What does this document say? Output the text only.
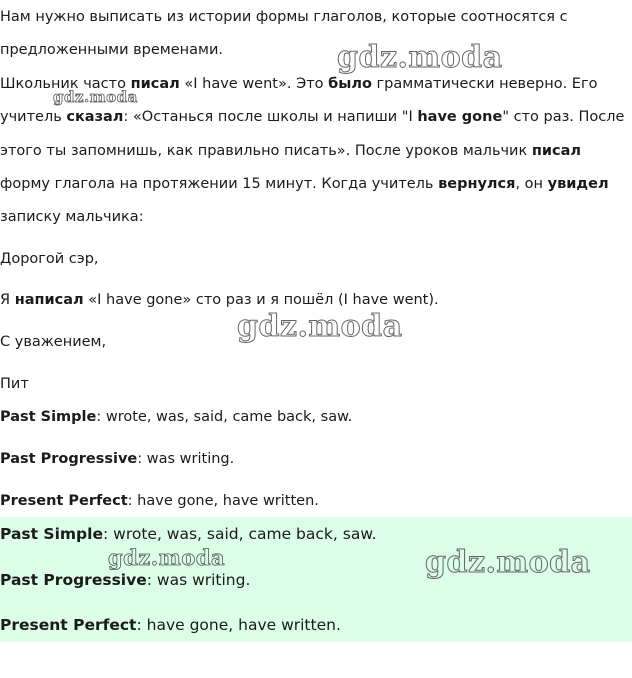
Нам нужно выписать из истории формы глаголов, которые соотносятся с
предложенными временами.
Школьник часто писал «I have went». Это было грамматически неверно. Его
учитель сказал: «Останься после школы и напиши "I have gone" сто раз. После
этого ты запомнишь, как правильно писать». После уроков мальчик писал
форму глагола на протяжении 15 минут. Когда учитель вернулся, он увидел
записку мальчика:
Дорогой сэр,
Я написал «I have gone» сто раз и я пошёл (I have went).
С уважением,
Пит
Past Simple: wrote, was, said, came back, saw.
Past Progressive: was writing.
Present Perfect: have gone, have written.
Past Simple: wrote, was, said, came back, saw.
Past Progressive: was writing.
Present Perfect: have gone, have written.
gdz.moda
gdz.moda
gdz.moda
gdz.moda	gdz.moda
